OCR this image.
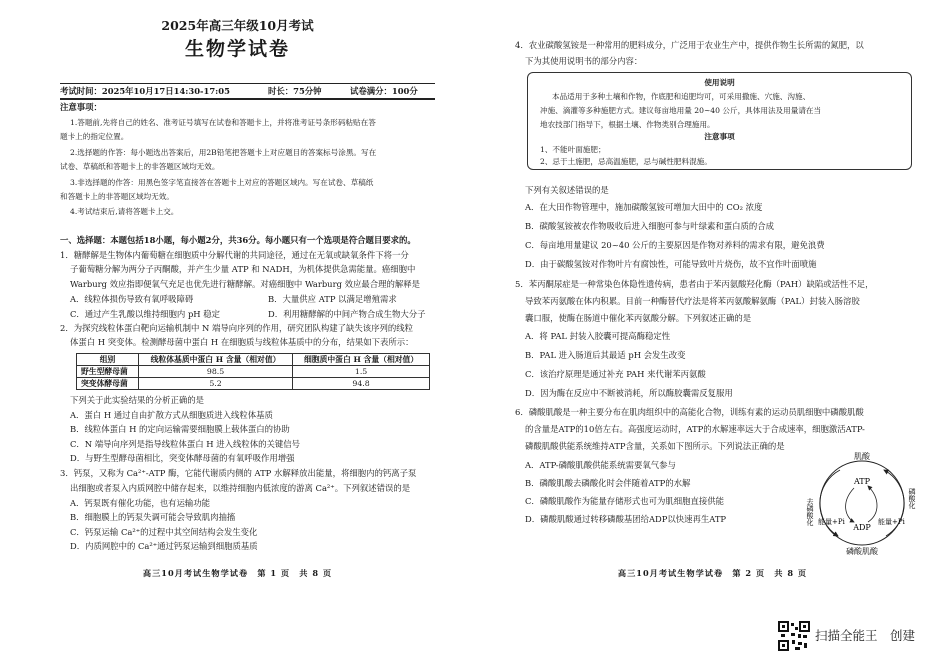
2025年高三年级10月考试
生物学试卷
考试时间：2025年10月17日14:30-17:05	时长：75分钟	试卷满分：100分
注意事项：
1.答题前,先将自己的姓名、准考证号填写在试卷和答题卡上，并将准考证号条形码粘贴在答
题卡上的指定位置。
2.选择题的作答：每小题选出答案后，用2B铅笔把答题卡上对应题目的答案标号涂黑。写在
试卷、草稿纸和答题卡上的非答题区域均无效。
3.非选择题的作答：用黑色签字笔直接答在答题卡上对应的答题区域内。写在试卷、草稿纸
和答题卡上的非答题区域均无效。
4.考试结束后,请将答题卡上交。
一、选择题：本题包括18小题，每小题2分，共36分。每小题只有一个选项是符合题目要求的。
1．糖酵解是生物体内葡萄糖在细胞质中分解代谢的共同途径，通过在无氧或缺氧条件下将一分
子葡萄糖分解为两分子丙酮酸，并产生少量 ATP 和 NADH，为机体提供急需能量。癌细胞中
Warburg 效应指即便氧气充足也优先进行糖酵解。对癌细胞中 Warburg 效应最合理的解释是
A．线粒体损伤导致有氧呼吸障碍	B．大量供应 ATP 以满足增殖需求
C．通过产生乳酸以维持细胞内 pH 稳定	D．利用糖酵解的中间产物合成生物大分子
2．为探究线粒体蛋白靶向运输机制中 N 端导向序列的作用，研究团队构建了缺失该序列的线粒
体蛋白 H 突变体。检测酵母菌中蛋白 H 在细胞质与线粒体基质中的分布，结果如下表所示：
组别	线粒体基质中蛋白 H 含量（相对值）	细胞质中蛋白 H 含量（相对值）
野生型酵母菌	98.5	1.5
突变体酵母菌	5.2	94.8
下列关于此实验结果的分析正确的是
A．蛋白 H 通过自由扩散方式从细胞质进入线粒体基质
B．线粒体蛋白 H 的定向运输需要细胞膜上载体蛋白的协助
C．N 端导向序列是指导线粒体蛋白 H 进入线粒体的关键信号
D．与野生型酵母菌相比，突变体酵母菌的有氧呼吸作用增强
3．钙泵，又称为 Ca²⁺-ATP 酶，它能代谢质内侧的 ATP 水解释放出能量，将细胞内的钙离子泵
出细胞或者泵入内质网腔中储存起来，以维持细胞内低浓度的游离 Ca²⁺。下列叙述错误的是
A．钙泵既有催化功能，也有运输功能
B．细胞膜上的钙泵失调可能会导致肌肉抽搐
C．钙泵运输 Ca²⁺的过程中其空间结构会发生变化
D．内质网腔中的 Ca²⁺通过钙泵运输到细胞质基质
高三10月考试生物学试卷　第 1 页　共 8 页
4．农业碳酸氢铵是一种常用的肥料成分，广泛用于农业生产中，提供作物生长所需的氮肥，以
下为其使用说明书的部分内容：
使用说明
本品适用于多种土壤和作物，作底肥和追肥均可，可采用撒施、穴施、沟施、
冲施、滴灌等多种施肥方式。建议每亩地用量 20~40 公斤，具体用法及用量请在当
地农技部门指导下，根据土壤、作物类别合理施用。
注意事项
1、不能叶面施肥；
2、忌于土施肥，忌高温施肥，忌与碱性肥料混施。
下列有关叙述错误的是
A．在大田作物管理中，施加碳酸氢铵可增加大田中的 CO₂ 浓度
B．碳酸氢铵被农作物吸收后进入细胞可参与叶绿素和蛋白质的合成
C．每亩地用量建议 20~40 公斤的主要原因是作物对养料的需求有限，避免浪费
D．由于碳酸氢铵对作物叶片有腐蚀性，可能导致叶片烧伤，故不宜作叶面喷施
5．苯丙酮尿症是一种常染色体隐性遗传病，患者由于苯丙氨酸羟化酶（PAH）缺陷或活性不足，
导致苯丙氨酸在体内积累。目前一种酶替代疗法是将苯丙氨酸解氨酶（PAL）封装入肠溶胶
囊口服，使酶在肠道中催化苯丙氨酸分解。下列叙述正确的是
A．将 PAL 封装入胶囊可提高酶稳定性
B．PAL 进入肠道后其最适 pH 会发生改变
C．该治疗原理是通过补充 PAH 来代谢苯丙氨酸
D．因为酶在反应中不断被消耗，所以酶胶囊需反复服用
6．磷酸肌酸是一种主要分布在肌肉组织中的高能化合物，训练有素的运动员肌细胞中磷酸肌酸
的含量是ATP的10倍左右。高强度运动时，ATP的水解速率远大于合成速率，细胞激活ATP-
磷酸肌酸供能系统维持ATP含量，关系如下图所示。下列说法正确的是
A．ATP-磷酸肌酸供能系统需要氧气参与
B．磷酸肌酸去磷酸化时会伴随着ATP的水解
C．磷酸肌酸作为能量存储形式也可为肌细胞直接供能
D．磷酸肌酸通过转移磷酸基团给ADP以快速再生ATP
肌酸
ATP
ADP
磷酸肌酸
去磷酸化	磷酸化
能量+Pi	能量+Pi
高三10月考试生物学试卷　第 2 页　共 8 页
扫描全能王　创建
